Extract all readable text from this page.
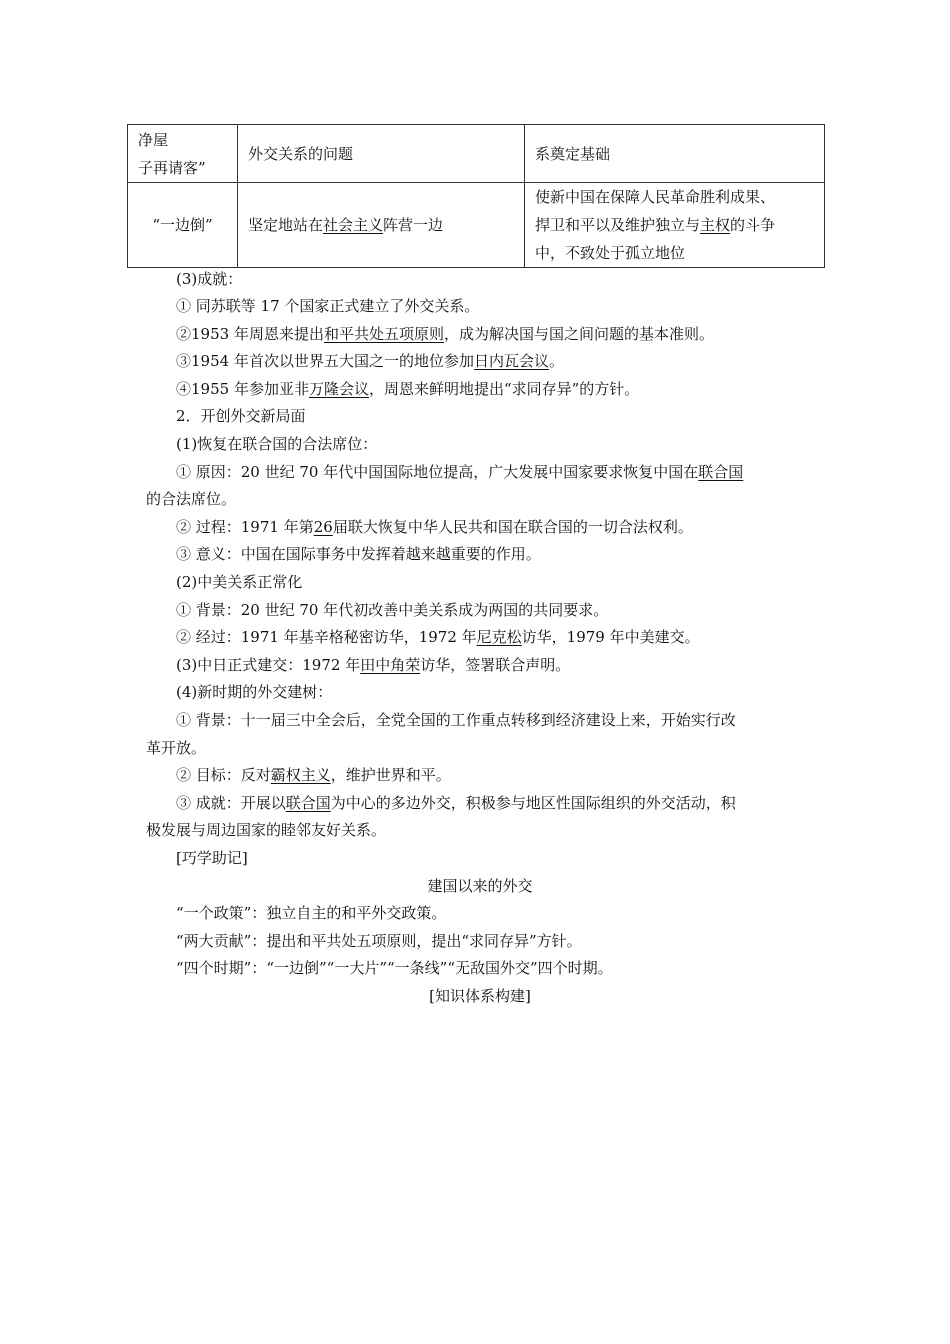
净屋
子再请客”	外交关系的问题	系奠定基础
“一边倒”	坚定地站在社会主义阵营一边	使新中国在保障人民革命胜利成果、
捍卫和平以及维护独立与主权的斗争
中，不致处于孤立地位
(3)成就：
① 同苏联等 17 个国家正式建立了外交关系。
②1953 年周恩来提出和平共处五项原则，成为解决国与国之间问题的基本准则。
③1954 年首次以世界五大国之一的地位参加日内瓦会议。
④1955 年参加亚非万隆会议，周恩来鲜明地提出“求同存异”的方针。
2．开创外交新局面
(1)恢复在联合国的合法席位：
① 原因：20 世纪 70 年代中国国际地位提高，广大发展中国家要求恢复中国在联合国
的合法席位。
② 过程：1971 年第26届联大恢复中华人民共和国在联合国的一切合法权利。
③ 意义：中国在国际事务中发挥着越来越重要的作用。
(2)中美关系正常化
① 背景：20 世纪 70 年代初改善中美关系成为两国的共同要求。
② 经过：1971 年基辛格秘密访华，1972 年尼克松访华，1979 年中美建交。
(3)中日正式建交：1972 年田中角荣访华，签署联合声明。
(4)新时期的外交建树：
① 背景：十一届三中全会后，全党全国的工作重点转移到经济建设上来，开始实行改
革开放。
② 目标：反对霸权主义，维护世界和平。
③ 成就：开展以联合国为中心的多边外交，积极参与地区性国际组织的外交活动，积
极发展与周边国家的睦邻友好关系。
[巧学助记]
建国以来的外交
“一个政策”：独立自主的和平外交政策。
“两大贡献”：提出和平共处五项原则，提出“求同存异”方针。
“四个时期”：“一边倒”“一大片”“一条线”“无敌国外交”四个时期。
[知识体系构建]
